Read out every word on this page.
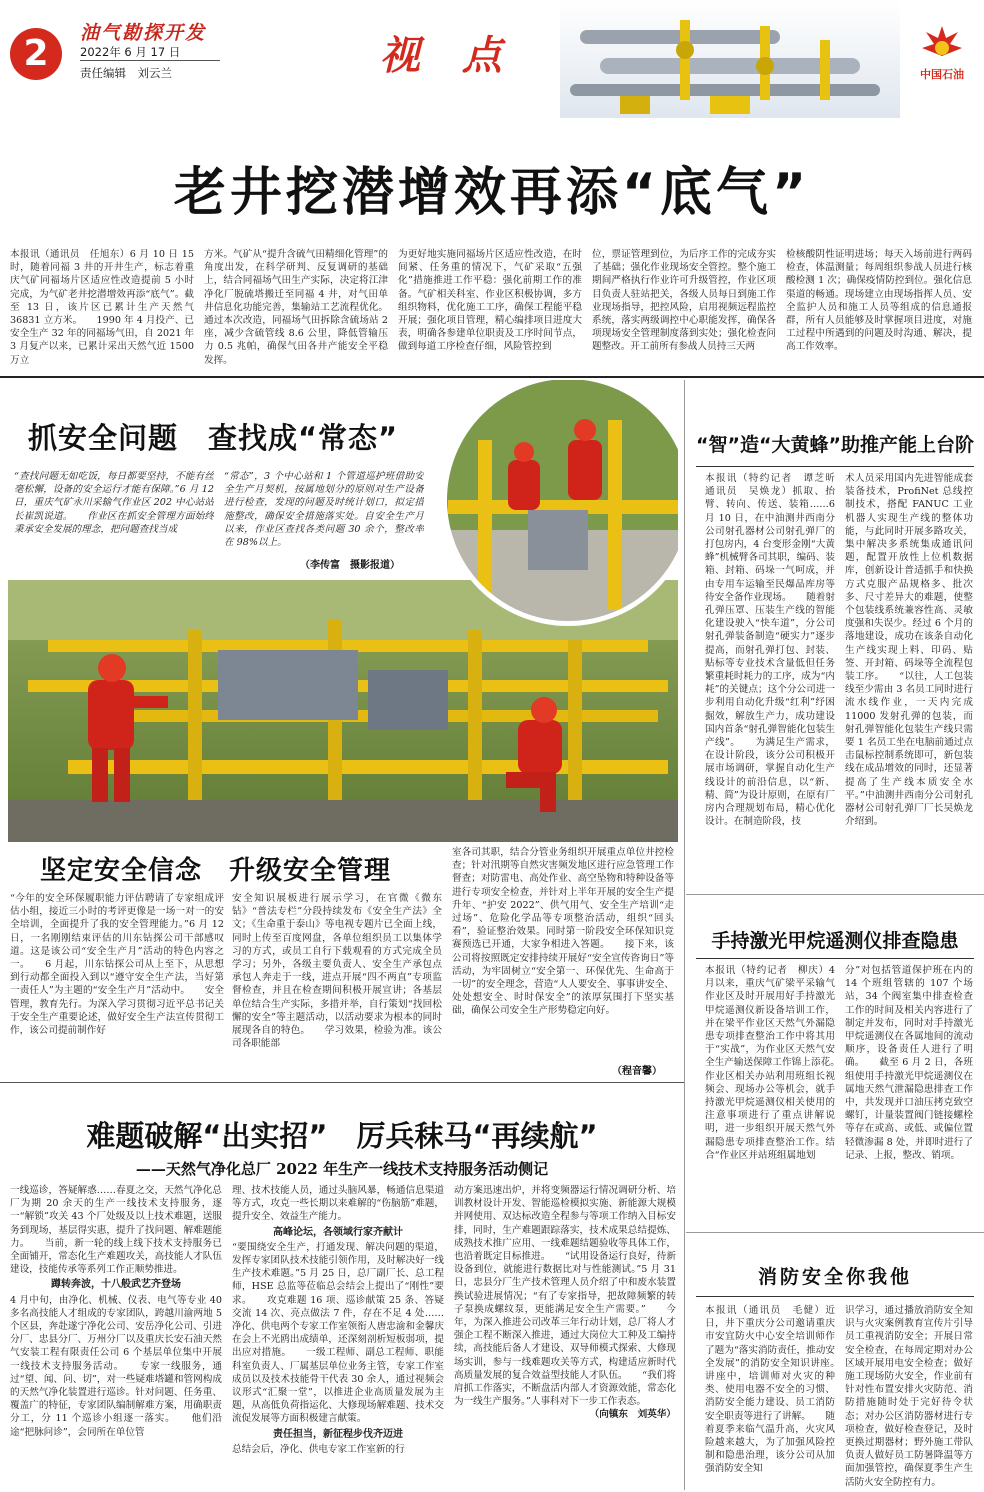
2	油气勘探开发
2022年 6 月 17 日
责任编辑　刘云兰	视 点	中国石油
老井挖潜增效再添“底气”
本报讯（通讯员　任旭东）6 月 10 日 15 时，随着同福 3 井的开井生产，标志着重庆气矿同福场片区适应性改造提前 5 小时完成，为气矿老井挖潜增效再添“底气”。截至 13 日，该片区已累计生产天然气 36831 立方米。　　1990 年 4 月投产、已安全生产 32 年的同福场气田，自 2021 年 3 月复产以来，已累计采出天然气近 1500 万立
方米。气矿从“提升含硫气田精细化管理”的角度出发，在科学研判、反复调研的基础上，结合同福场气田生产实际，决定将江津净化厂脱硫塔搬迁至同福 4 井，对气田单井信息化功能完善，集输站工艺流程优化。通过本次改造，同福场气田拆除含硫场站 2 座，减少含硫管线 8.6 公里，降低管输压力 0.5 兆帕，确保气田各井产能安全平稳发挥。
为更好地实施同福场片区适应性改造，在时间紧、任务重的情况下，气矿采取“五强化”措施推进工作平稳：强化前期工作的准备。气矿相关科室、作业区积极协调，多方组织物料，优化施工工序，确保工程能平稳开展；强化项目管理，精心编排项目进度大表，明确各参建单位职责及工序时间节点，做到每道工序检查仔细，风险管控到
位，票证管理到位，为后序工作的完成夯实了基础；强化作业现场安全管控。整个施工期间严格执行作业许可升级管控，作业区项目负责人驻站把关，各级人员每日到施工作业现场指导，把控风险，启用视频远程监控系统，落实两级调控中心职能发挥，确保各项现场安全管理制度落到实处；强化检查问题整改。开工前所有参战人员持三天两
检核酸阴性证明进场；每天入场前进行两码检查，体温测量；每周组织参战人员进行核酸检测 1 次；确保疫情防控到位。强化信息渠道的畅通。现场建立由现场指挥人员、安全监护人员和施工人员等组成的信息通报群，所有人员能够及时掌握项目进度，对施工过程中所遇到的问题及时沟通、解决，提高工作效率。
抓安全问题　查找成“常态”
“查找问题无如吃饭，每日都要坚持，不能有丝毫松懈，设备的安全运行才能有保障。”6 月 12 日，重庆气矿永川采输气作业区 202 中心站站长崔凯说道。　　作业区在抓安全管理方面始终秉承安全发展的理念，把问题查找当成
“常态”，3 个中心站和 1 个管道巡护班借助安全生产月契机，按属地划分的原则对生产设备进行检查，发现的问题及时统计划口，拟定措施整改，确保安全措施落实处。自安全生产月以来，作业区查找各类问题 30 余个，整改率在 98%以上。
（李传富　摄影报道）
“智”造“大黄蜂”助推产能上台阶
本报讯（特约记者　谭芝昕　通讯员　吴焕龙）抓取、抬臂、转向、传送、装箱……6 月 10 日，在中油测井西南分公司射孔器材公司射孔弹厂的打包房内，4 台变形金刚“大黄蜂”机械臂各司其职，编码、装箱、封箱、码垛一气呵成，并由专用车运输至民爆品库房等待安全备作业现场。　　随着射孔弹压罩、压装生产线的智能化建设驶入“快车道”，分公司射孔弹装备制造“硬实力”逐步提高，而射孔弹打包、封装、贴标等专业技术含量低但任务繁重耗时耗力的工序，成为“内耗”的关键点；这个分公司进一步利用自动化升级“红利”纾困掘效，解放生产力，成功建设国内首条“射孔弹智能化包装生产线”。　　为满足生产需求，在设计阶段，该分公司积极开展市场调研，掌握自动化生产线设计的前沿信息，以“新、精、简”为设计原则，在原有厂房内合理规划布局，精心优化设计。在制造阶段，技
术人员采用国内先进智能成套装备技术，ProfiNet 总线控制技术，搭配 FANUC 工业机器人实现生产线的整体功能，与此同时开展多路攻关，集中解决多系统集成通讯问题，配置开放性上位机数据库，创新设计普适抓手和快换方式克服产品规格多、批次多、尺寸差异大的难题，使整个包装线系统兼容性高、灵敏度强和失误少。经过 6 个月的落地建设，成功在该条自动化生产线实现上料、印码、贴签、开封箱、码垛等全流程包装工序。　　“以往，人工包装线至少需由 3 名员工同时进行流水线作业，一天内完成 11000 发射孔弹的包装，而射孔弹智能化包装生产线只需要 1 名员工坐在电脑前通过点击鼠标控制系统即可，新包装线在成品增效的同时，还显著提高了生产线本质安全水平。”中油测井西南分公司射孔器材公司射孔弹厂厂长吴焕龙介绍到。
手持激光甲烷遥测仪排查隐患
本报讯（特约记者　柳庆）4 月以来，重庆气矿梁平采输气作业区及时开展用好手持激光甲烷遥测仪新设备培训工作，并在梁平作业区天然气外漏隐患专项排查整治工作中将其用于“实战”，为作业区天然气安全生产输送保障工作锦上添花。　　作业区相关办站利用班组长视频会、现场办公等机会，就手持激光甲烷遥测仪相关使用的注意事项进行了重点讲解说明，进一步组织开展天然气外漏隐患专项排查整治工作。结合“作业区并站班组属地划
分”对包括管道保护班在内的 14 个班组管辖的 107 个场站，34 个阀室集中排查检查工作的时间及相关内容进行了制定并发布，同时对手持激光甲烷遥测仪在各属地间的流动顺序，设备责任人进行了明确。　　截至 6 月 2 日，各班组使用手持激光甲烷遥测仪在属地天然气泄漏隐患排查工作中，共发现并口油压拷克致空螺钉，计量装置阀门链接螺栓等存在或高、或低、或偏位置轻微渗漏 8 处，并即时进行了记录、上报，整改、销项。
消防安全你我他
本报讯（通讯员　毛健）近日，井下重庆分公司邀请重庆市安宜防火中心安全培训师作了题为“落实消防责任，推动安全发展”的消防安全知识讲座。　　讲座中，培训师对火灾的种类、使用电器不安全的习惯、消防安全能力建设、员工消防安全职责等进行了讲解。　　随着夏季来临气温升高，火灾风险越来越大，为了加强风险控制和隐患治理，该分公司从加强消防安全知
识学习，通过播放消防安全知识与火灾案例教育宣传片引导员工重视消防安全；开展日常安全检查，在每周定期对办公区域开展用电安全检查；做好施工现场防火安全，作业前有针对性布置安排火灾防范、消防措施随时处于完好待令状态；对办公区消防器材进行专项检查，做好检查登记，及时更换过期器材；野外施工带队负责人做好员工防暑降温等方面加强管控，确保夏季生产生活防火安全防控有力。
坚定安全信念　升级安全管理
“今年的安全环保履职能力评估聘请了专家组成评估小组，接近三小时的考评更像是一场一对一的安全培训，全面提升了我的安全管理能力。”6 月 12 日，一名刚刚结束评估的川东钻探公司干部感叹道。这是该公司“安全生产月”活动的特色内容之一。　　6 月起，川东钻探公司从上至下，从思想到行动都全面投入到以“遵守安全生产法，当好第一责任人”为主题的“安全生产月”活动中。　　安全管理，教育先行。为深入学习贯彻习近平总书记关于安全生产重要论述，做好安全生产法宣传贯彻工作，该公司提前制作好
安全知识展板进行展示学习，在官微《微东钻》“普法专栏”分段持续发布《安全生产法》全文；《生命重于泰山》等电视专题片已全面上线，同时上传至百度网盘，各单位组织员工以集体学习的方式，或员工自行下载观看的方式完成全员学习；另外，各级主要负责人、安全生产承包点承包人奔走于一线，进点开展“四不两直”专项监督检查，并且在检查期间积极开展宣讲；各基层单位结合生产实际，多措并举，自行策划“找回松懈的安全”等主题活动，以活动要求为根本的同时展现各自的特色。　　学习效果，检验为准。该公司各职能部
室各司其职，结合分管业务组织开展重点单位井控检查；针对汛期等自然灾害频发地区进行应急管理工作督查；对防雷电、高处作业、高空坠物和特种设备等进行专项安全检查，并针对上半年开展的安全生产提升年、“护安 2022”、供气用气、安全生产培训“走过场”、危险化学品等专项整治活动，组织“回头看”，验证整治效果。同时第一阶段安全环保知识竞赛预选已开通，大家争相进入答题。　　接下来，该公司将按照既定安排持续开展好“安全宣传咨询日”等活动，为牢固树立“安全第一、环保优先、生命高于一切”的安全理念，营造“人人要安全、事事讲安全、处处想安全、时时保安全”的浓厚氛围打下坚实基础，确保公司安全生产形势稳定向好。
（程音馨）
难题破解“出实招”　厉兵秣马“再续航”
——天然气净化总厂 2022 年生产一线技术支持服务活动侧记
一线巡诊，答疑解惑……春夏之交，天然气净化总厂为期 20 余天的生产一线技术支持服务，逐一“解锁”攻关 43 个厂处级及以上技术难题，送服务到现场，基层得实惠，提升了找问题、解难题能力。　　当前，新一轮的线上线下技术支持服务已全面铺开，常态化生产难题攻关，高技能人才队伍建设，技能传承等系列工作正顺势推进。
蹲转奔波，十八般武艺齐登场
4 月中旬，由净化、机械、仪表、电气等专业 40 多名高技能人才组成的专家团队，跨越川渝两地 5 个区县，奔赴遂宁净化公司、安岳净化公司、引进分厂、忠县分厂、万州分厂以及重庆长安石油天然气安装工程有限责任公司 6 个基层单位集中开展一线技术支持服务活动。　　专家一线服务，通过“望、闻、问、切”，对一些疑难塔罐和管网构成的天然气净化装置进行巡诊。针对问题、任务重、覆盖广的特征，专家团队编制解难方案，用确职责分工，分 11 个巡诊小组逐一落实。　　他们沿途“把脉问诊”，会同所在单位管
理、技术技能人员，通过头脑风暴，畅通信息渠道等方式，攻克一些长期以来难解的“伤脑筋”难题，提升安全、效益生产能力。
高峰论坛，各领域行家齐献计
“要围绕安全生产，打通发现、解决问题的渠道，发挥专家团队技术技能引领作用，及时解决好一线生产技术难题。”5 月 25 日，总厂副厂长、总工程师，HSE 总监等莅临总会结会上提出了“刚性”要求。　　攻克难题 16 项、巡诊献策 25 条、答疑交流 14 次、亮点做法 7 件，存在不足 4 处……净化、供电两个专家工作室领衔人唐忠渝和金馨庆在会上不光鸥出成绩单，还深刻剖析短板弱项，提出应对措施。　　一级工程师、副总工程师、职能科室负责人、厂属基层单位业务主管，专家工作室成员以及技术技能骨干代表 30 余人，通过视频会议形式“汇聚一堂”，以推进企业高质量发展为主题，从高低负荷指运化、大修现场解难题、技术交流促发展等方面积极建言献策。
责任担当，新征程步伐齐迈进
总结会后，净化、供电专家工作室新的行
动方案迅速出炉，并将变频器运行情况调研分析、培训教材设计开发、智能巡检模拟实施、新能源大规模并网使用、双达标改造全程参与等项工作纳入目标安排，同时，生产难题跟踪落实，技术成果总结提炼、成熟技术推广应用、一线难题结题验收等具体工作，也沿着既定目标推进。　　“试用设备运行良好，待新设备到位，就能进行数据比对与性能测试。”5 月 31 日，忠县分厂生产技术管理人员介绍了中和废水装置换试验进展情况；“有了专家指导，把故障频繁的转子泵换成螺纹泵，更能满足安全生产需要。”　　今年，为深入推进公司改革三年行动计划，总厂将人才强企工程不断深入推进，通过大岗位大工种及工编持续，高技能后备人才建设、双导师模式探索、大修现场实训，参与一线难题攻关等方式，构建适应新时代高质量发展的复合效益型技能人才队伍。　　“我们将肩抓工作落实，不断盘活内部人才资源效能，常态化为一线生产服务。”人事科对下一步工作表态。
（向镇东　刘英华）
